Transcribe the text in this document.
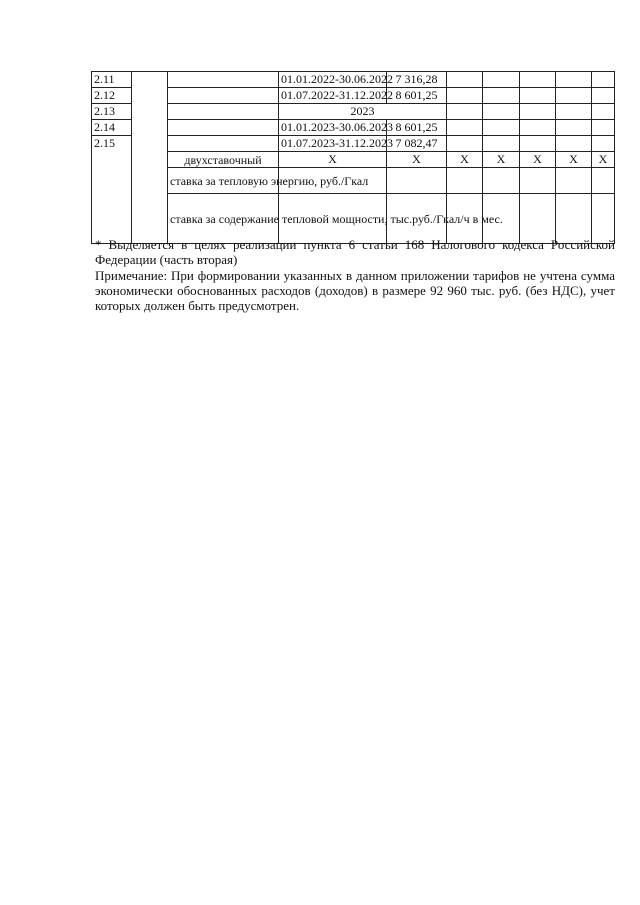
2.11			01.01.2022-30.06.2022	7 316,28					
2.12			01.07.2022-31.12.2022	8 601,25					
2.13			2023						
2.14			01.01.2023-30.06.2023	8 601,25					
2.15			01.07.2023-31.12.2023	7 082,47					
		двухставочный	X	X	X	X	X	X	X
		ставка за тепловую энергию, руб./Гкал							
		ставка за содержание тепловой мощности, тыс.руб./Гкал/ч в мес.							
* Выделяется в целях реализации пункта 6 статьи 168 Налогового кодекса Российской
Федерации (часть вторая)
Примечание: При формировании указанных в данном приложении тарифов не учтена сумма
экономически обоснованных расходов (доходов) в размере 92 960 тыс. руб. (без НДС), учет
которых должен быть предусмотрен.
